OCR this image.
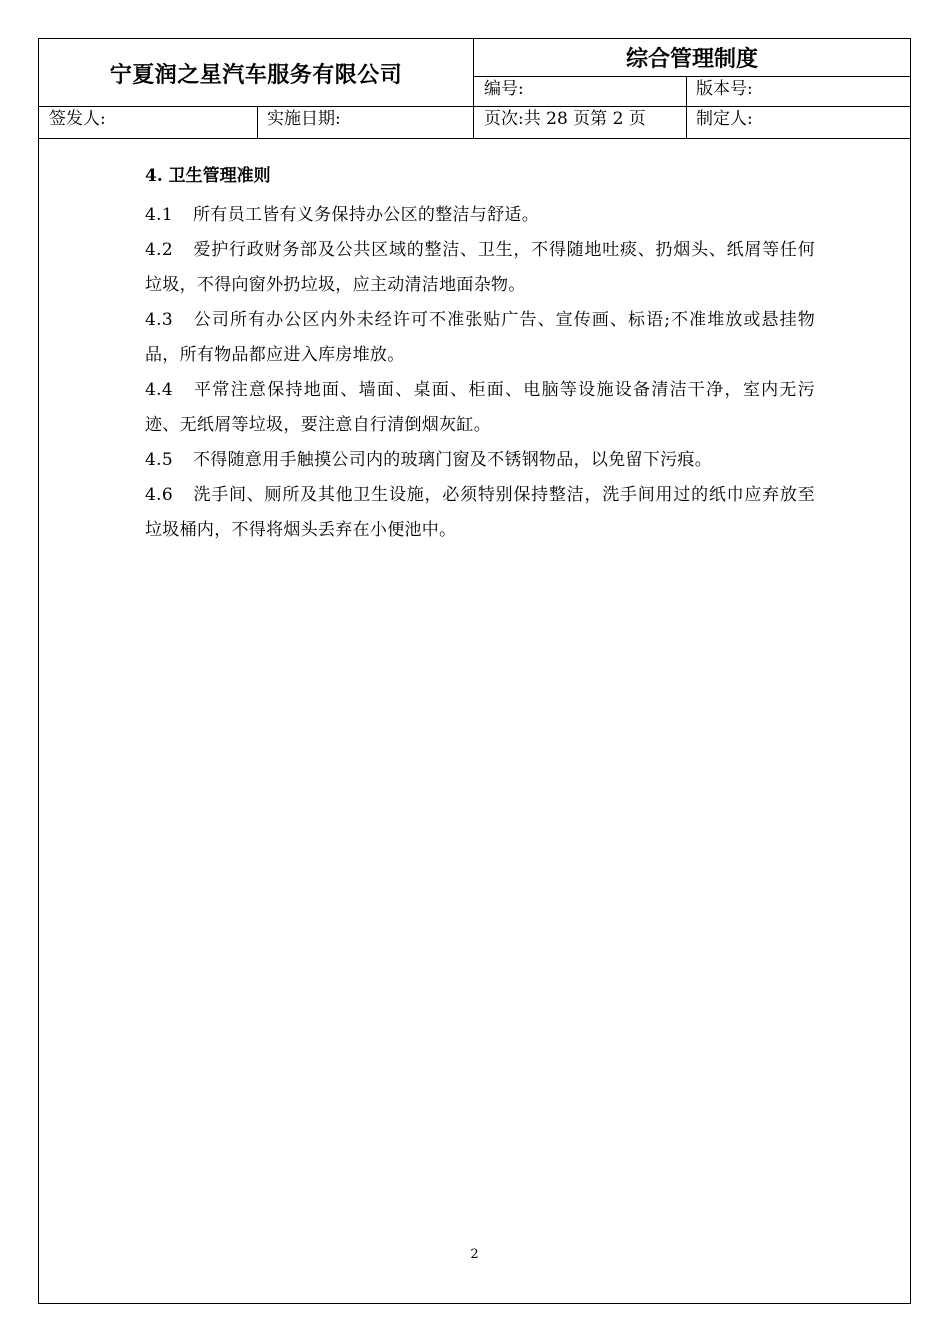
宁夏润之星汽车服务有限公司
综合管理制度
编号:	版本号:
签发人:	实施日期:	页次:共 28 页第 2 页	制定人:

4. 卫生管理准则

4.1 所有员工皆有义务保持办公区的整洁与舒适。

4.2 爱护行政财务部及公共区域的整洁、卫生，不得随地吐痰、扔烟头、纸屑等任何垃圾，不得向窗外扔垃圾，应主动清洁地面杂物。

4.3 公司所有办公区内外未经许可不准张贴广告、宣传画、标语;不准堆放或悬挂物品，所有物品都应进入库房堆放。

4.4 平常注意保持地面、墙面、桌面、柜面、电脑等设施设备清洁干净，室内无污迹、无纸屑等垃圾，要注意自行清倒烟灰缸。

4.5 不得随意用手触摸公司内的玻璃门窗及不锈钢物品，以免留下污痕。

4.6 洗手间、厕所及其他卫生设施，必须特别保持整洁，洗手间用过的纸巾应弃放至垃圾桶内，不得将烟头丢弃在小便池中。

2
